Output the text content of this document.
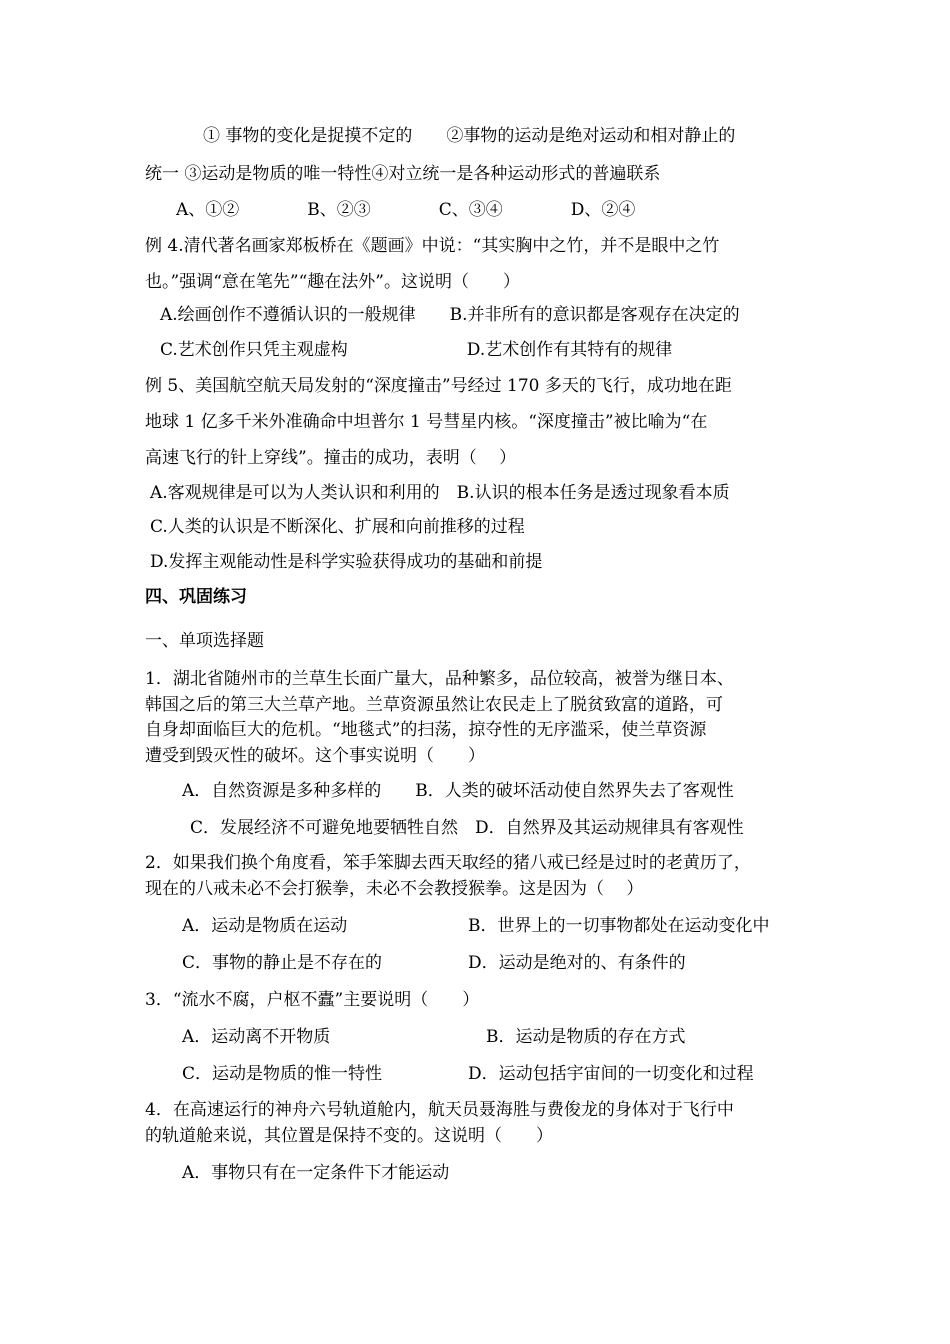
① 事物的变化是捉摸不定的　　②事物的运动是绝对运动和相对静止的
统一 ③运动是物质的唯一特性④对立统一是各种运动形式的普遍联系
A、①②　　　　B、②③　　　　C、③④　　　　D、②④
例 4.清代著名画家郑板桥在《题画》中说：“其实胸中之竹，并不是眼中之竹
也。”强调“意在笔先”“趣在法外”。这说明（　　）
A.绘画创作不遵循认识的一般规律　　B.并非所有的意识都是客观存在决定的
C.艺术创作只凭主观虚构　　　　　　　D.艺术创作有其特有的规律
例 5、美国航空航天局发射的“深度撞击”号经过 170 多天的飞行，成功地在距
地球 1 亿多千米外准确命中坦普尔 1 号彗星内核。“深度撞击”被比喻为“在
高速飞行的针上穿线”。撞击的成功，表明（　 ）
A.客观规律是可以为人类认识和利用的　B.认识的根本任务是透过现象看本质
C.人类的认识是不断深化、扩展和向前推移的过程
D.发挥主观能动性是科学实验获得成功的基础和前提
四、巩固练习
一、单项选择题
1．湖北省随州市的兰草生长面广量大，品种繁多，品位较高，被誉为继日本、
韩国之后的第三大兰草产地。兰草资源虽然让农民走上了脱贫致富的道路，可
自身却面临巨大的危机。“地毯式”的扫荡，掠夺性的无序滥采，使兰草资源
遭受到毁灭性的破坏。这个事实说明（　　）
A．自然资源是多种多样的　　B．人类的破坏活动使自然界失去了客观性
C．发展经济不可避免地要牺牲自然　D．自然界及其运动规律具有客观性
2．如果我们换个角度看，笨手笨脚去西天取经的猪八戒已经是过时的老黄历了，
现在的八戒未必不会打猴拳，未必不会教授猴拳。这是因为（　 ）
A．运动是物质在运动	B．世界上的一切事物都处在运动变化中
C．事物的静止是不存在的	D．运动是绝对的、有条件的
3．“流水不腐，户枢不蠹”主要说明（　　）
A．运动离不开物质	B．运动是物质的存在方式
C．运动是物质的惟一特性	D．运动包括宇宙间的一切变化和过程
4．在高速运行的神舟六号轨道舱内，航天员聂海胜与费俊龙的身体对于飞行中
的轨道舱来说，其位置是保持不变的。这说明（　　）
A．事物只有在一定条件下才能运动
